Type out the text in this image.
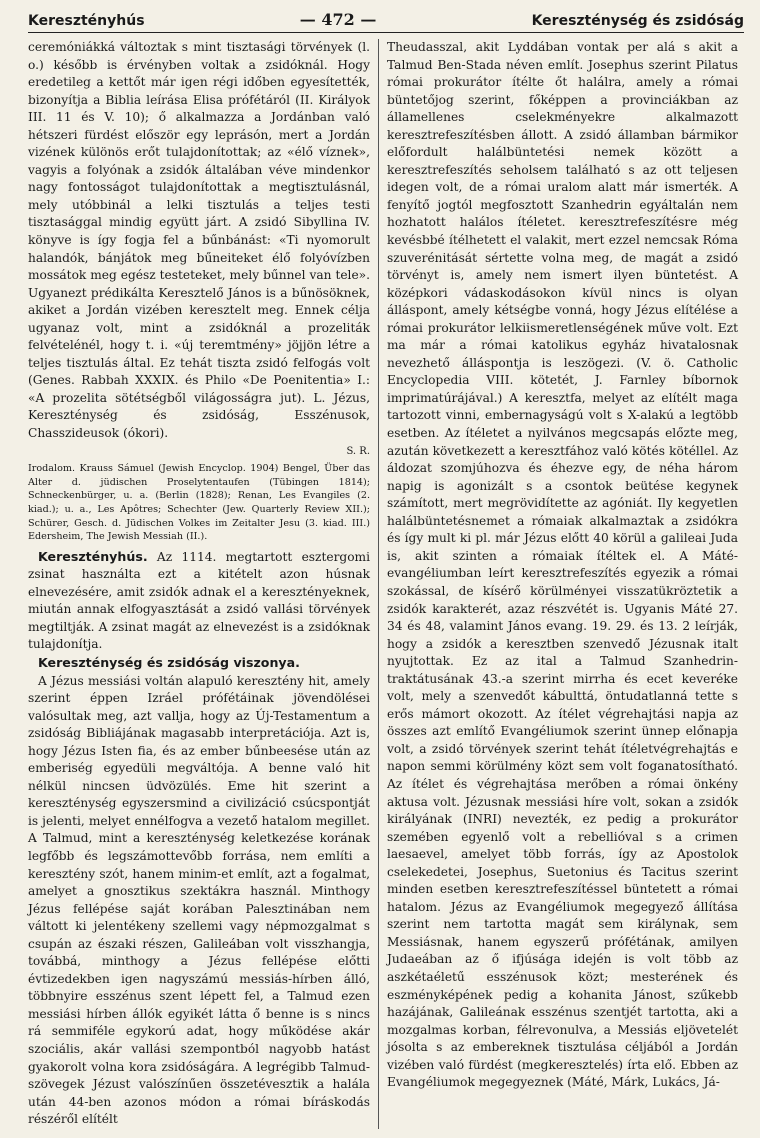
Keresztényhús	— 472 —	Kereszténység és zsidóság

ceremóniákká változtak s mint tisztasági törvények (l. o.) később is érvényben voltak a zsidóknál. Hogy eredetileg a kettőt már igen régi időben egyesítették, bizonyítja a Biblia leírása Elisa prófétáról (II. Királyok III. 11 és V. 10); ő alkalmazza a Jordánban való hétszeri fürdést először egy leprásón, mert a Jordán vizének különös erőt tulajdonítottak; az «élő víznek», vagyis a folyónak a zsidók általában véve mindenkor nagy fontosságot tulajdonítottak a megtisztulásnál, mely utóbbinál a lelki tisztulás a teljes testi tisztasággal mindig együtt járt. A zsidó Sibyllina IV. könyve is így fogja fel a bűnbánást: «Ti nyomorult halandók, bánjátok meg bűneiteket élő folyóvízben mossátok meg egész testeteket, mely bűnnel van tele». Ugyanezt prédikálta Keresztelő János is a bűnösöknek, akiket a Jordán vizében keresztelt meg. Ennek célja ugyanaz volt, mint a zsidóknál a prozeliták felvételénél, hogy t. i. «új teremtmény» jöjjön létre a teljes tisztulás által. Ez tehát tiszta zsidó felfogás volt (Genes. Rabbah XXXIX. és Philo «De Poenitentia» I.: «A prozelita sötétségből világosságra jut). L. Jézus, Kereszténység és zsidóság, Esszénusok, Chasszideusok (ókori).

S. R.

Irodalom. Krauss Sámuel (Jewish Encyclop. 1904) Bengel, Über das Alter d. jüdischen Proselytentaufen (Tübingen 1814); Schneckenbürger, u. a. (Berlin (1828); Renan, Les Evangiles (2. kiad.); u. a., Les Apôtres; Schechter (Jew. Quarterly Review XII.); Schürer, Gesch. d. Jüdischen Volkes im Zeitalter Jesu (3. kiad. III.) Edersheim, The Jewish Messiah (II.).

Keresztényhús. Az 1114. megtartott esztergomi zsinat használta ezt a kitételt azon húsnak elnevezésére, amit zsidók adnak el a keresztényeknek, miután annak elfogyasztását a zsidó vallási törvények megtiltják. A zsinat magát az elnevezést is a zsidóknak tulajdonítja.

Kereszténység és zsidóság viszonya.

A Jézus messiási voltán alapuló keresztény hit, amely szerint éppen Izráel prófétáinak jövendölései valósultak meg, azt vallja, hogy az Új-Testamentum a zsidóság Bibliájának magasabb interpretációja. Azt is, hogy Jézus Isten fia, és az ember bűnbeesése után az emberiség egyedüli megváltója. A benne való hit nélkül nincsen üdvözülés. Eme hit szerint a kereszténység egyszersmind a civilizáció csúcspontját is jelenti, melyet ennélfogva a vezető hatalom megillet. A Talmud, mint a kereszténység keletkezése korának legfőbb és legszámottevőbb forrása, nem említi a keresztény szót, hanem minim-et említ, azt a fogalmat, amelyet a gnosztikus szektákra használ. Minthogy Jézus fellépése saját korában Palesztinában nem váltott ki jelentékeny szellemi vagy népmozgalmat s csupán az északi részen, Galileában volt visszhangja, továbbá, minthogy a Jézus fellépése előtti évtizedekben igen nagyszámú messiás-hírben álló, többnyire esszénus szent lépett fel, a Talmud ezen messiási hírben állók egyikét látta ő benne is s nincs rá semmiféle egykorú adat, hogy működése akár szociális, akár vallási szempontból nagyobb hatást gyakorolt volna kora zsidóságára. A legrégibb Talmud-szövegek Jézust valószínűen összetévesztik a halála után 44-ben azonos módon a római bíráskodás részéről elítélt

Theudasszal, akit Lyddában vontak per alá s akit a Talmud Ben-Stada néven említ. Josephus szerint Pilatus római prokurátor ítélte őt halálra, amely a római büntetőjog szerint, főképpen a provinciákban az államellenes cselekményekre alkalmazott keresztrefeszítésben állott. A zsidó államban bármikor előfordult halálbüntetési nemek között a keresztrefeszítés seholsem található s az ott teljesen idegen volt, de a római uralom alatt már ismerték. A fenyítő jogtól megfosztott Szanhedrin egyáltalán nem hozhatott halálos ítéletet. keresztrefeszítésre még kevésbbé ítélhetett el valakit, mert ezzel nemcsak Róma szuverénitását sértette volna meg, de magát a zsidó törvényt is, amely nem ismert ilyen büntetést. A középkori vádaskodásokon kívül nincs is olyan álláspont, amely kétségbe vonná, hogy Jézus elítélése a római prokurátor lelkiismeretlenségének műve volt. Ezt ma már a római katolikus egyház hivatalosnak nevezhető álláspontja is leszögezi. (V. ö. Catholic Encyclopedia VIII. kötetét, J. Farnley bíbornok imprimatúrájával.) A keresztfa, melyet az elítélt maga tartozott vinni, embernagyságú volt s X-alakú a legtöbb esetben. Az ítéletet a nyilvános megcsapás előzte meg, azután következett a keresztfához való kötés kötéllel. Az áldozat szomjúhozva és éhezve egy, de néha három napig is agonizált s a csontok beütése kegynek számított, mert megrövidítette az agóniát. Ily kegyetlen halálbüntetésnemet a rómaiak alkalmaztak a zsidókra és így mult ki pl. már Jézus előtt 40 körül a galileai Juda is, akit szinten a rómaiak ítéltek el. A Máté-evangéliumban leírt keresztrefeszítés egyezik a római szokással, de kísérő körülményei visszatükröztetik a zsidók karakterét, azaz részvétét is. Ugyanis Máté 27. 34 és 48, valamint János evang. 19. 29. és 13. 2 leírják, hogy a zsidók a keresztben szenvedő Jézusnak italt nyujtottak. Ez az ital a Talmud Szanhedrin-traktátusának 43.-a szerint mirrha és ecet keveréke volt, mely a szenvedőt kábulttá, öntudatlanná tette s erős mámort okozott. Az ítélet végrehajtási napja az összes azt említő Evangéliumok szerint ünnep előnapja volt, a zsidó törvények szerint tehát ítéletvégrehajtás e napon semmi körülmény közt sem volt foganatosítható. Az ítélet és végrehajtása merőben a római önkény aktusa volt. Jézusnak messiási híre volt, sokan a zsidók királyának (INRI) nevezték, ez pedig a prokurátor szemében egyenlő volt a rebellióval s a crimen laesaevel, amelyet több forrás, így az Apostolok cselekedetei, Josephus, Suetonius és Tacitus szerint minden esetben keresztrefeszítéssel büntetett a római hatalom. Jézus az Evangéliumok megegyező állítása szerint nem tartotta magát sem királynak, sem Messiásnak, hanem egyszerű prófétának, amilyen Judaeában az ő ifjúsága idején is volt több az aszkétaéletű esszénusok közt; mesterének és eszményképének pedig a kohanita Jánost, szűkebb hazájának, Galileának esszénus szentjét tartotta, aki a mozgalmas korban, félrevonulva, a Messiás eljövetelét jósolta s az embereknek tisztulása céljából a Jordán vizében való fürdést (megkeresztelés) írta elő. Ebben az Evangéliumok megegyeznek (Máté, Márk, Lukács, Já-
